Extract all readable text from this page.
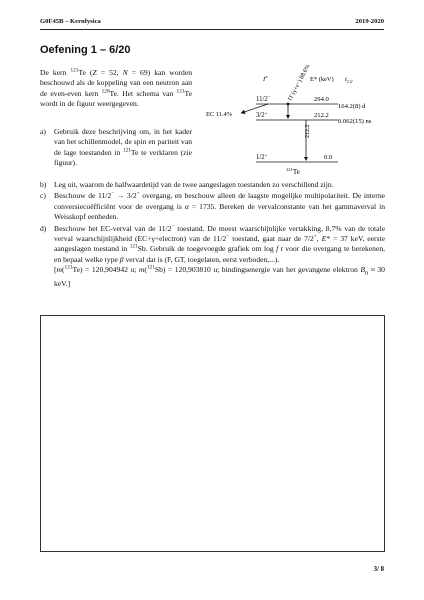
G0F45B – Kernfysica	2019-2020
Oefening 1 – 6/20
De kern $^{121}$Te (Z = 52, N = 69) kan worden beschouwd als de koppeling van een neutron aan de even-even kern $^{120}$Te. Het schema van $^{121}$Te wordt in de figuur weergegeven.
$I^\pi$	E* (keV) $t_{1/2}$
11/2−	294.0
164.2(8) d
3/2+	212.2
0.062(15) ns
1/2+	0.0
IT (γ+e⁻) 88.6%
212.2
EC 11.4%
$^{121}$Te
a) Gebruik deze beschrijving om, in het kader van het schillenmodel, de spin en pariteit van de lage toestanden in $^{121}$Te te verklaren (zie figuur).
b) Leg uit, waarom de halfwaardetijd van de twee aangeslagen toestanden zo verschillend zijn.
c) Beschouw de 11/2− → 3/2+ overgang, en beschouw alleen de laagste mogelijke multipolariteit. De interne conversiecoëfficiënt voor de overgang is α = 1735. Bereken de vervalconstante van het gammaverval in Weisskopf eenheden.
d) Beschouw het EC-verval van de 11/2− toestand. De meest waarschijnlijke vertakking, 8,7% van de totale verval waarschijnlijkheid (EC+γ+electron) van de 11/2− toestand, gaat naar de 7/2+, E* = 37 keV, eerste aangeslagen toestand in $^{121}$Sb. Gebruik de toegevoegde grafiek om log f t voor die overgang te berekenen, en bepaal welke type β verval dat is (F, GT, toegelaten, eerst verboden,...).
[m($^{121}$Te) = 120,904942 u; m($^{121}$Sb) = 120,903810 u; bindingsenergie van het gevangene elektron $B_n \approx 30$ keV.]
3/ 8
